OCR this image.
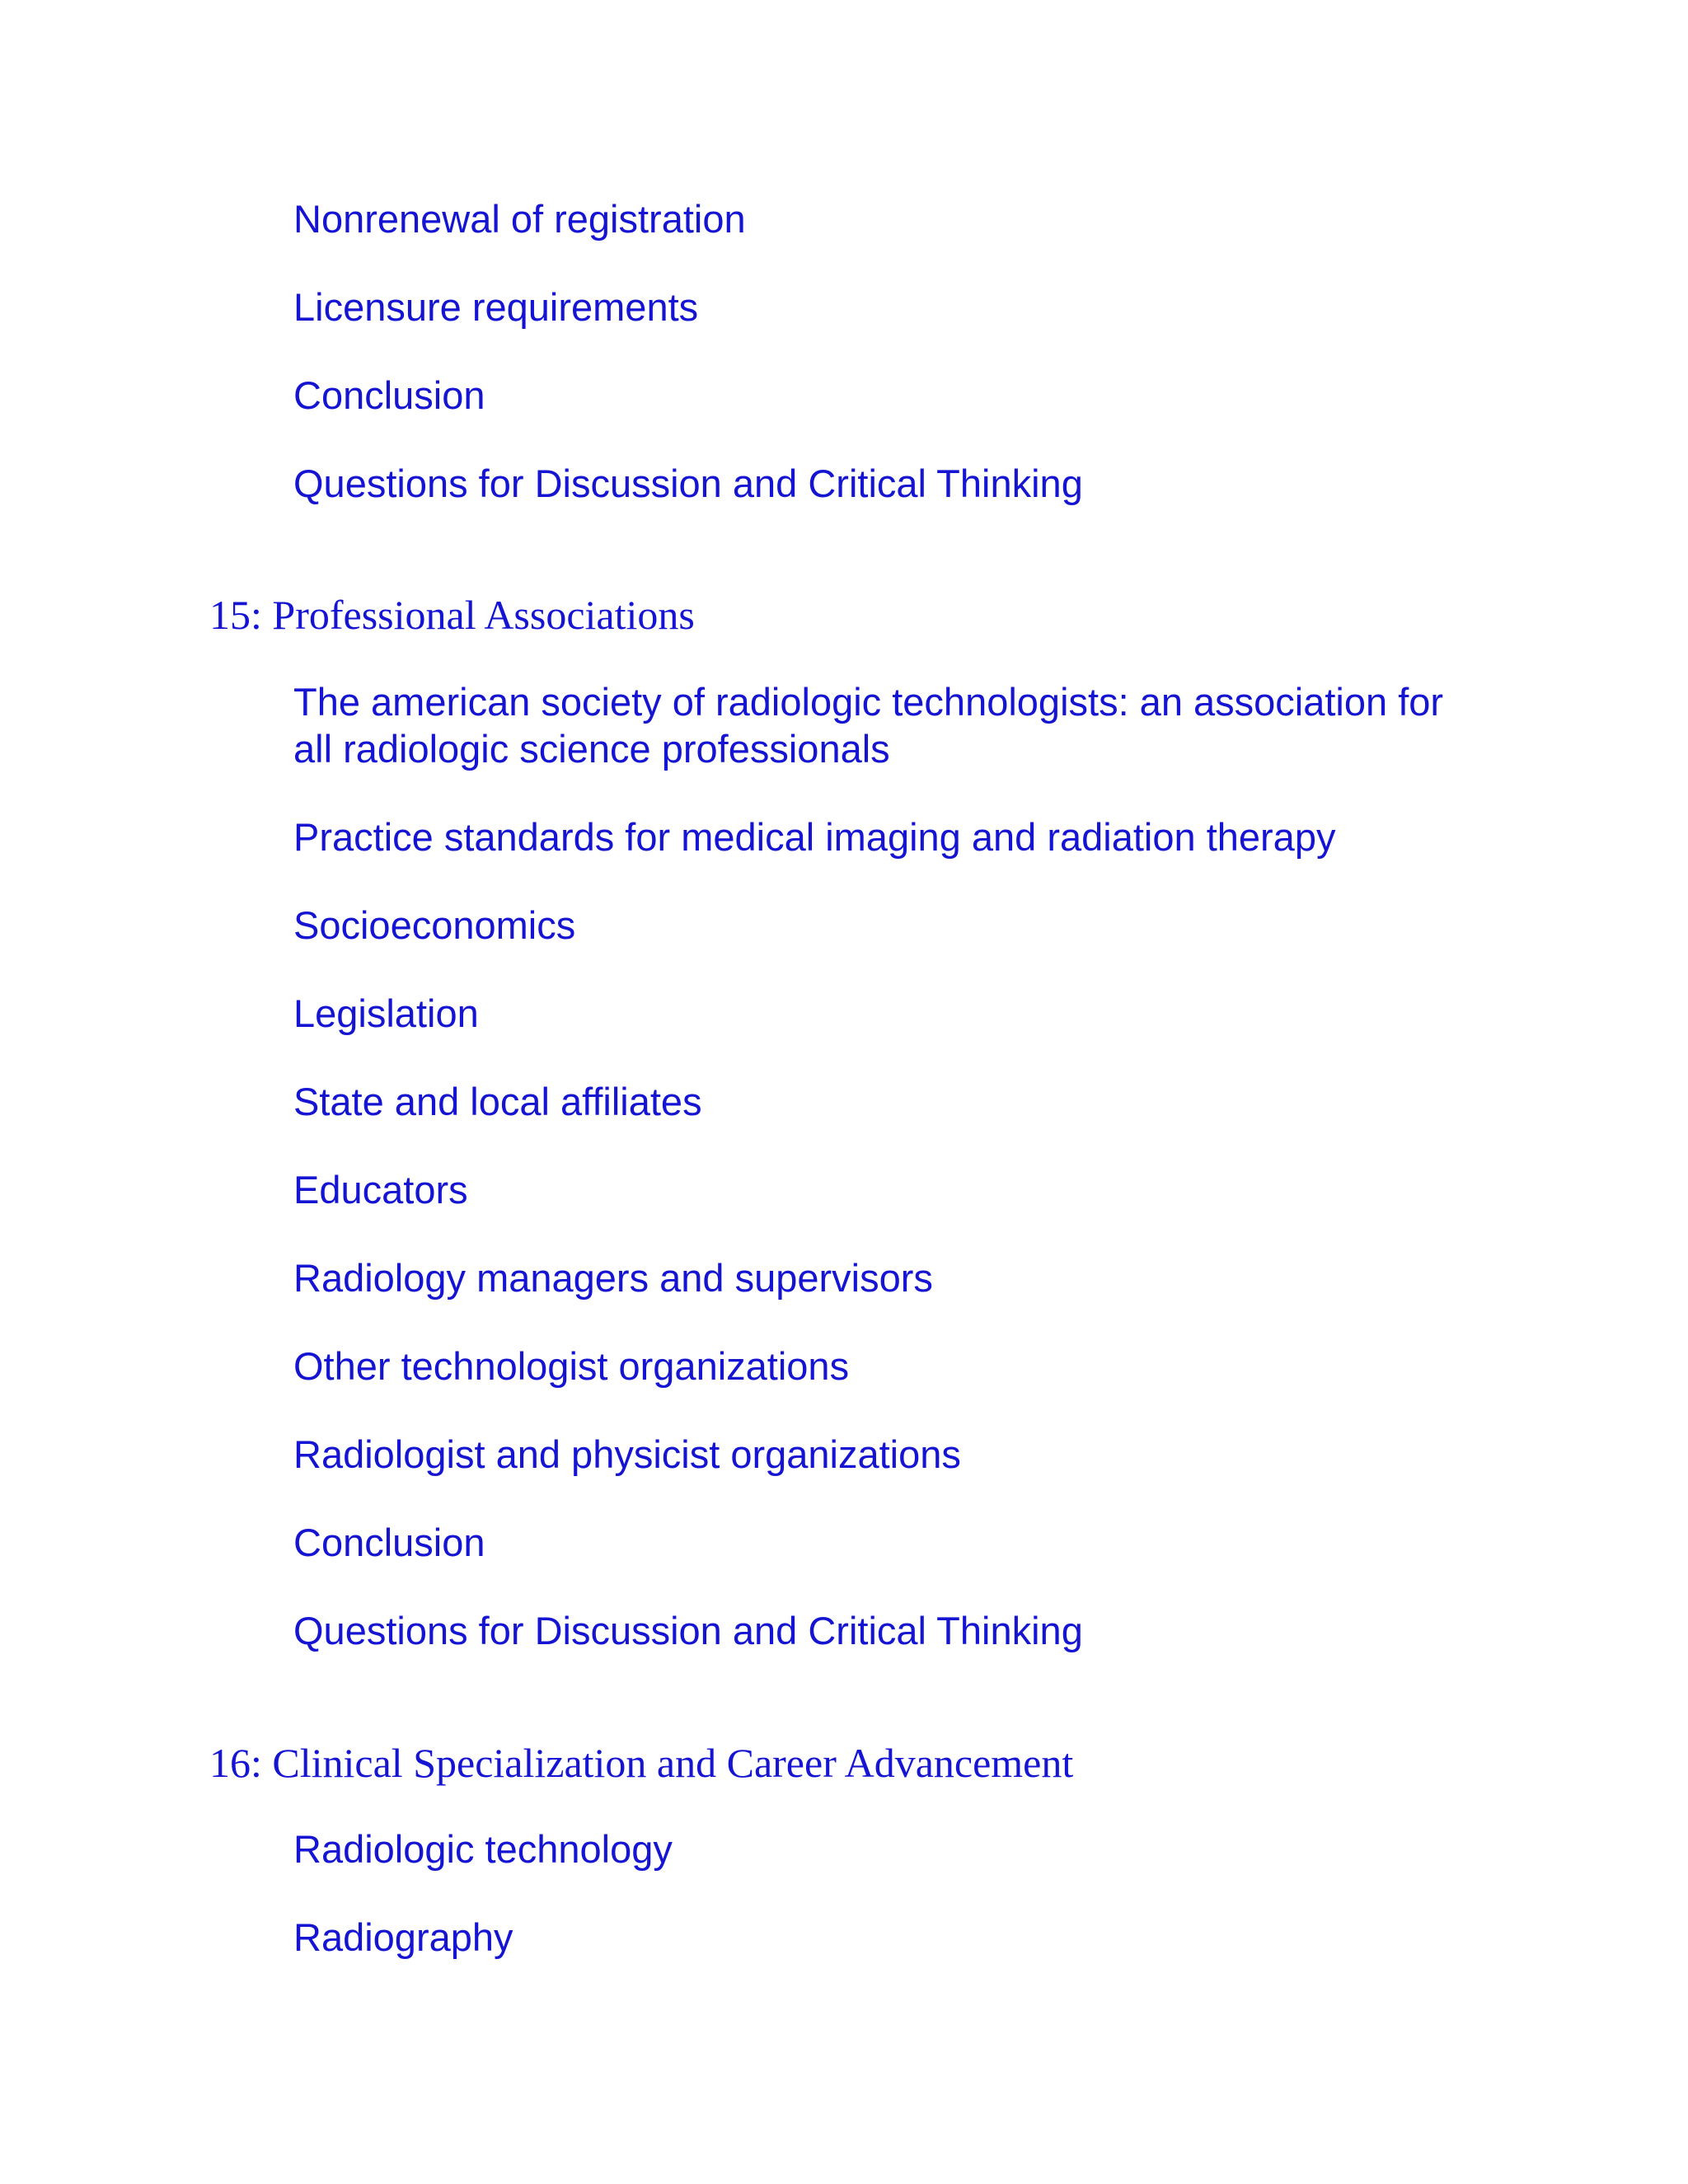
Nonrenewal of registration
Licensure requirements
Conclusion
Questions for Discussion and Critical Thinking
15: Professional Associations
The american society of radiologic technologists: an association for all radiologic science professionals
Practice standards for medical imaging and radiation therapy
Socioeconomics
Legislation
State and local affiliates
Educators
Radiology managers and supervisors
Other technologist organizations
Radiologist and physicist organizations
Conclusion
Questions for Discussion and Critical Thinking
16: Clinical Specialization and Career Advancement
Radiologic technology
Radiography
